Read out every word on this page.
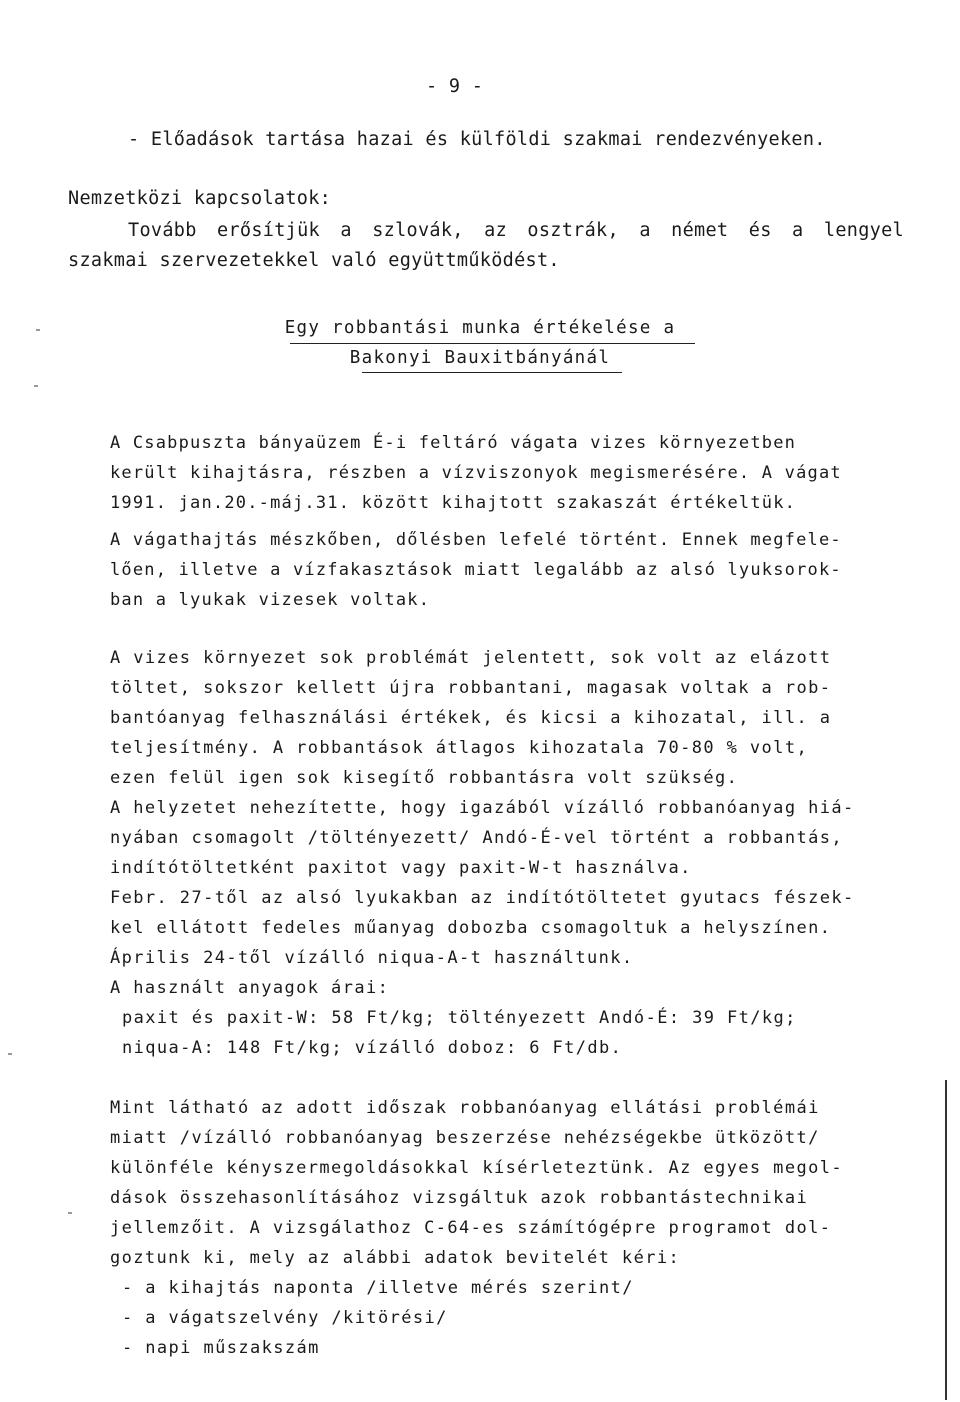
- 9 -
- Előadások tartása hazai és külföldi szakmai rendezvényeken.
Nemzetközi kapcsolatok:
Tovább erősítjük a szlovák, az osztrák, a német és a lengyel
szakmai szervezetekkel való együttműködést.
Egy robbantási munka értékelése a
Bakonyi Bauxitbányánál
A Csabpuszta bányaüzem É-i feltáró vágata vizes környezetben
került kihajtásra, részben a vízviszonyok megismerésére. A vágat
1991. jan.20.-máj.31. között kihajtott szakaszát értékeltük.
A vágathajtás mészkőben, dőlésben lefelé történt. Ennek megfele-
lően, illetve a vízfakasztások miatt legalább az alsó lyuksorok-
ban a lyukak vizesek voltak.
A vizes környezet sok problémát jelentett, sok volt az elázott
töltet, sokszor kellett újra robbantani, magasak voltak a rob-
bantóanyag felhasználási értékek, és kicsi a kihozatal, ill. a
teljesítmény. A robbantások átlagos kihozatala 70-80 % volt,
ezen felül igen sok kisegítő robbantásra volt szükség.
A helyzetet nehezítette, hogy igazából vízálló robbanóanyag hiá-
nyában csomagolt /töltényezett/ Andó-É-vel történt a robbantás,
indítótöltetként paxitot vagy paxit-W-t használva.
Febr. 27-től az alsó lyukakban az indítótöltetet gyutacs fészek-
kel ellátott fedeles műanyag dobozba csomagoltuk a helyszínen.
Április 24-től vízálló niqua-A-t használtunk.
A használt anyagok árai:
paxit és paxit-W: 58 Ft/kg; töltényezett Andó-É: 39 Ft/kg;
niqua-A: 148 Ft/kg; vízálló doboz: 6 Ft/db.
Mint látható az adott időszak robbanóanyag ellátási problémái
miatt /vízálló robbanóanyag beszerzése nehézségekbe ütközött/
különféle kényszermegoldásokkal kísérleteztünk. Az egyes megol-
dások összehasonlításához vizsgáltuk azok robbantástechnikai
jellemzőit. A vizsgálathoz C-64-es számítógépre programot dol-
goztunk ki, mely az alábbi adatok bevitelét kéri:
- a kihajtás naponta /illetve mérés szerint/
- a vágatszelvény /kitörési/
- napi műszakszám
